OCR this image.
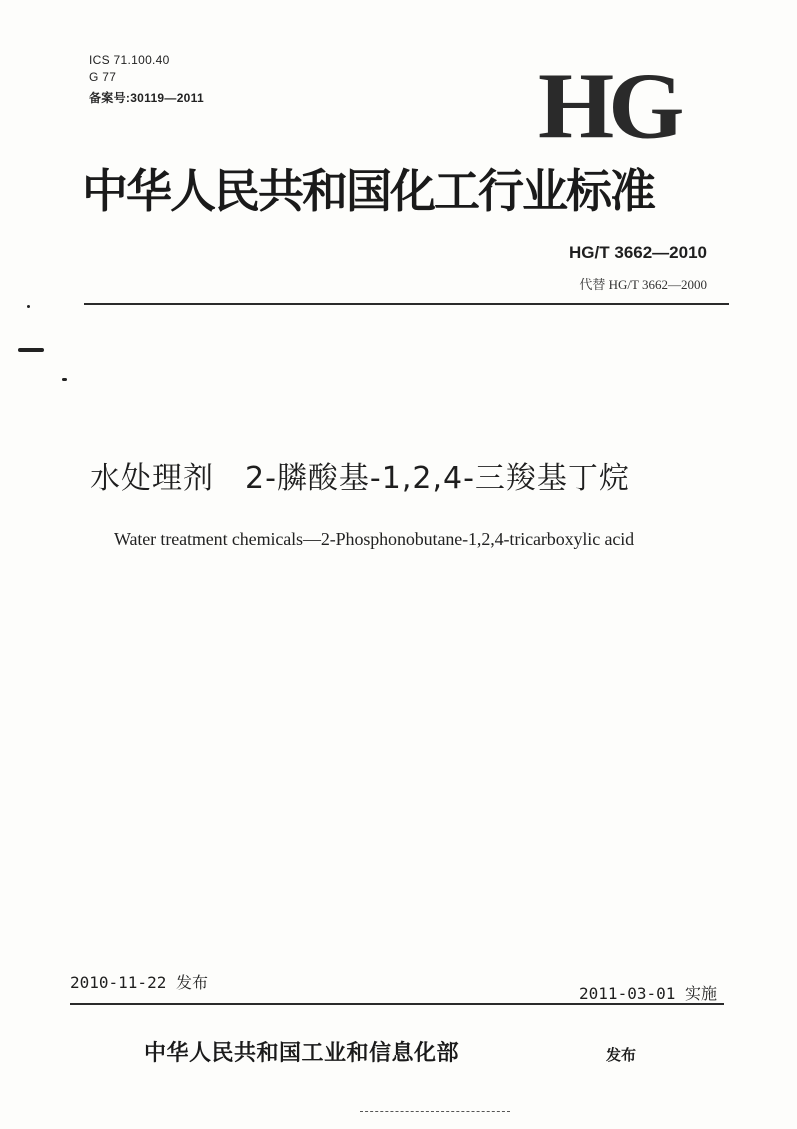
ICS 71.100.40
G 77
备案号:30119—2011	HG
中华人民共和国化工行业标准
HG/T 3662—2010
代替 HG/T 3662—2000
水处理剂　2-膦酸基-1,2,4-三羧基丁烷
Water treatment chemicals—2-Phosphonobutane-1,2,4-tricarboxylic acid
2010-11-22 发布
2011-03-01 实施
中华人民共和国工业和信息化部	发布
